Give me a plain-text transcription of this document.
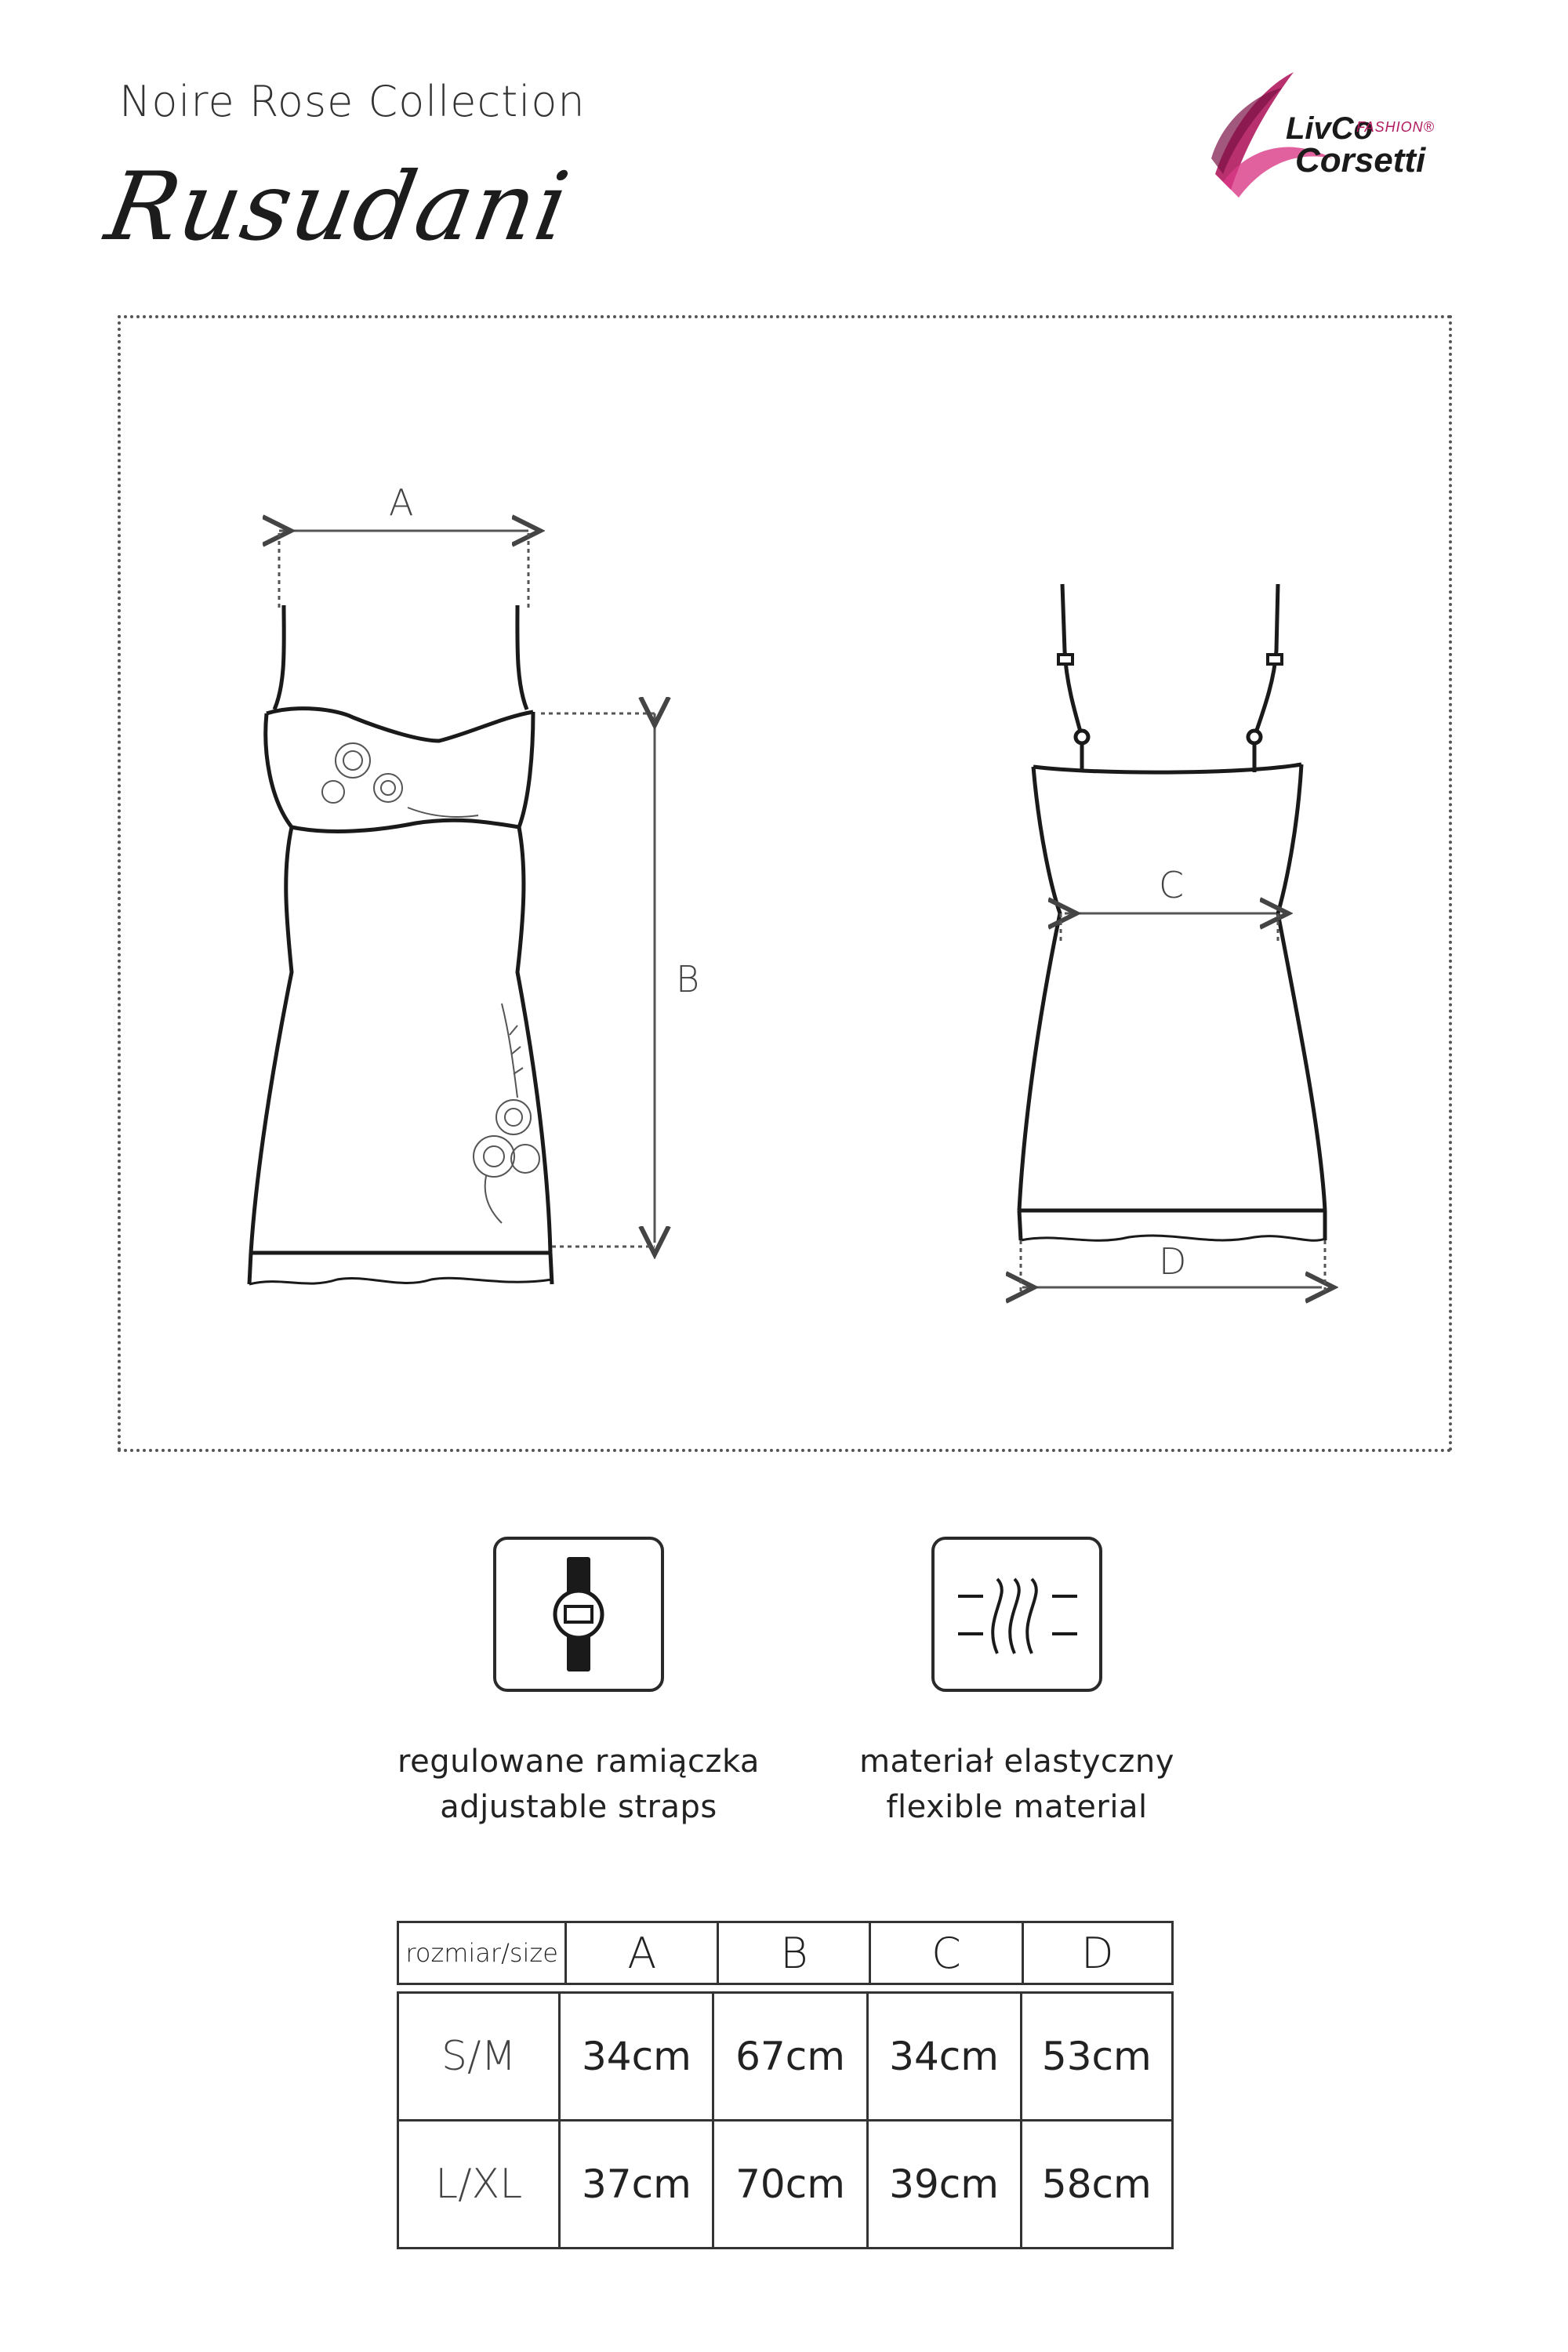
Noire Rose Collection
Rusudani
LivCo
FASHION®
Corsetti
A
B
C
D
regulowane ramiączka
adjustable straps
materiał elastyczny
flexible material
rozmiar/size	A	B	C	D
S/M	34cm	67cm	34cm	53cm
L/XL	37cm	70cm	39cm	58cm
